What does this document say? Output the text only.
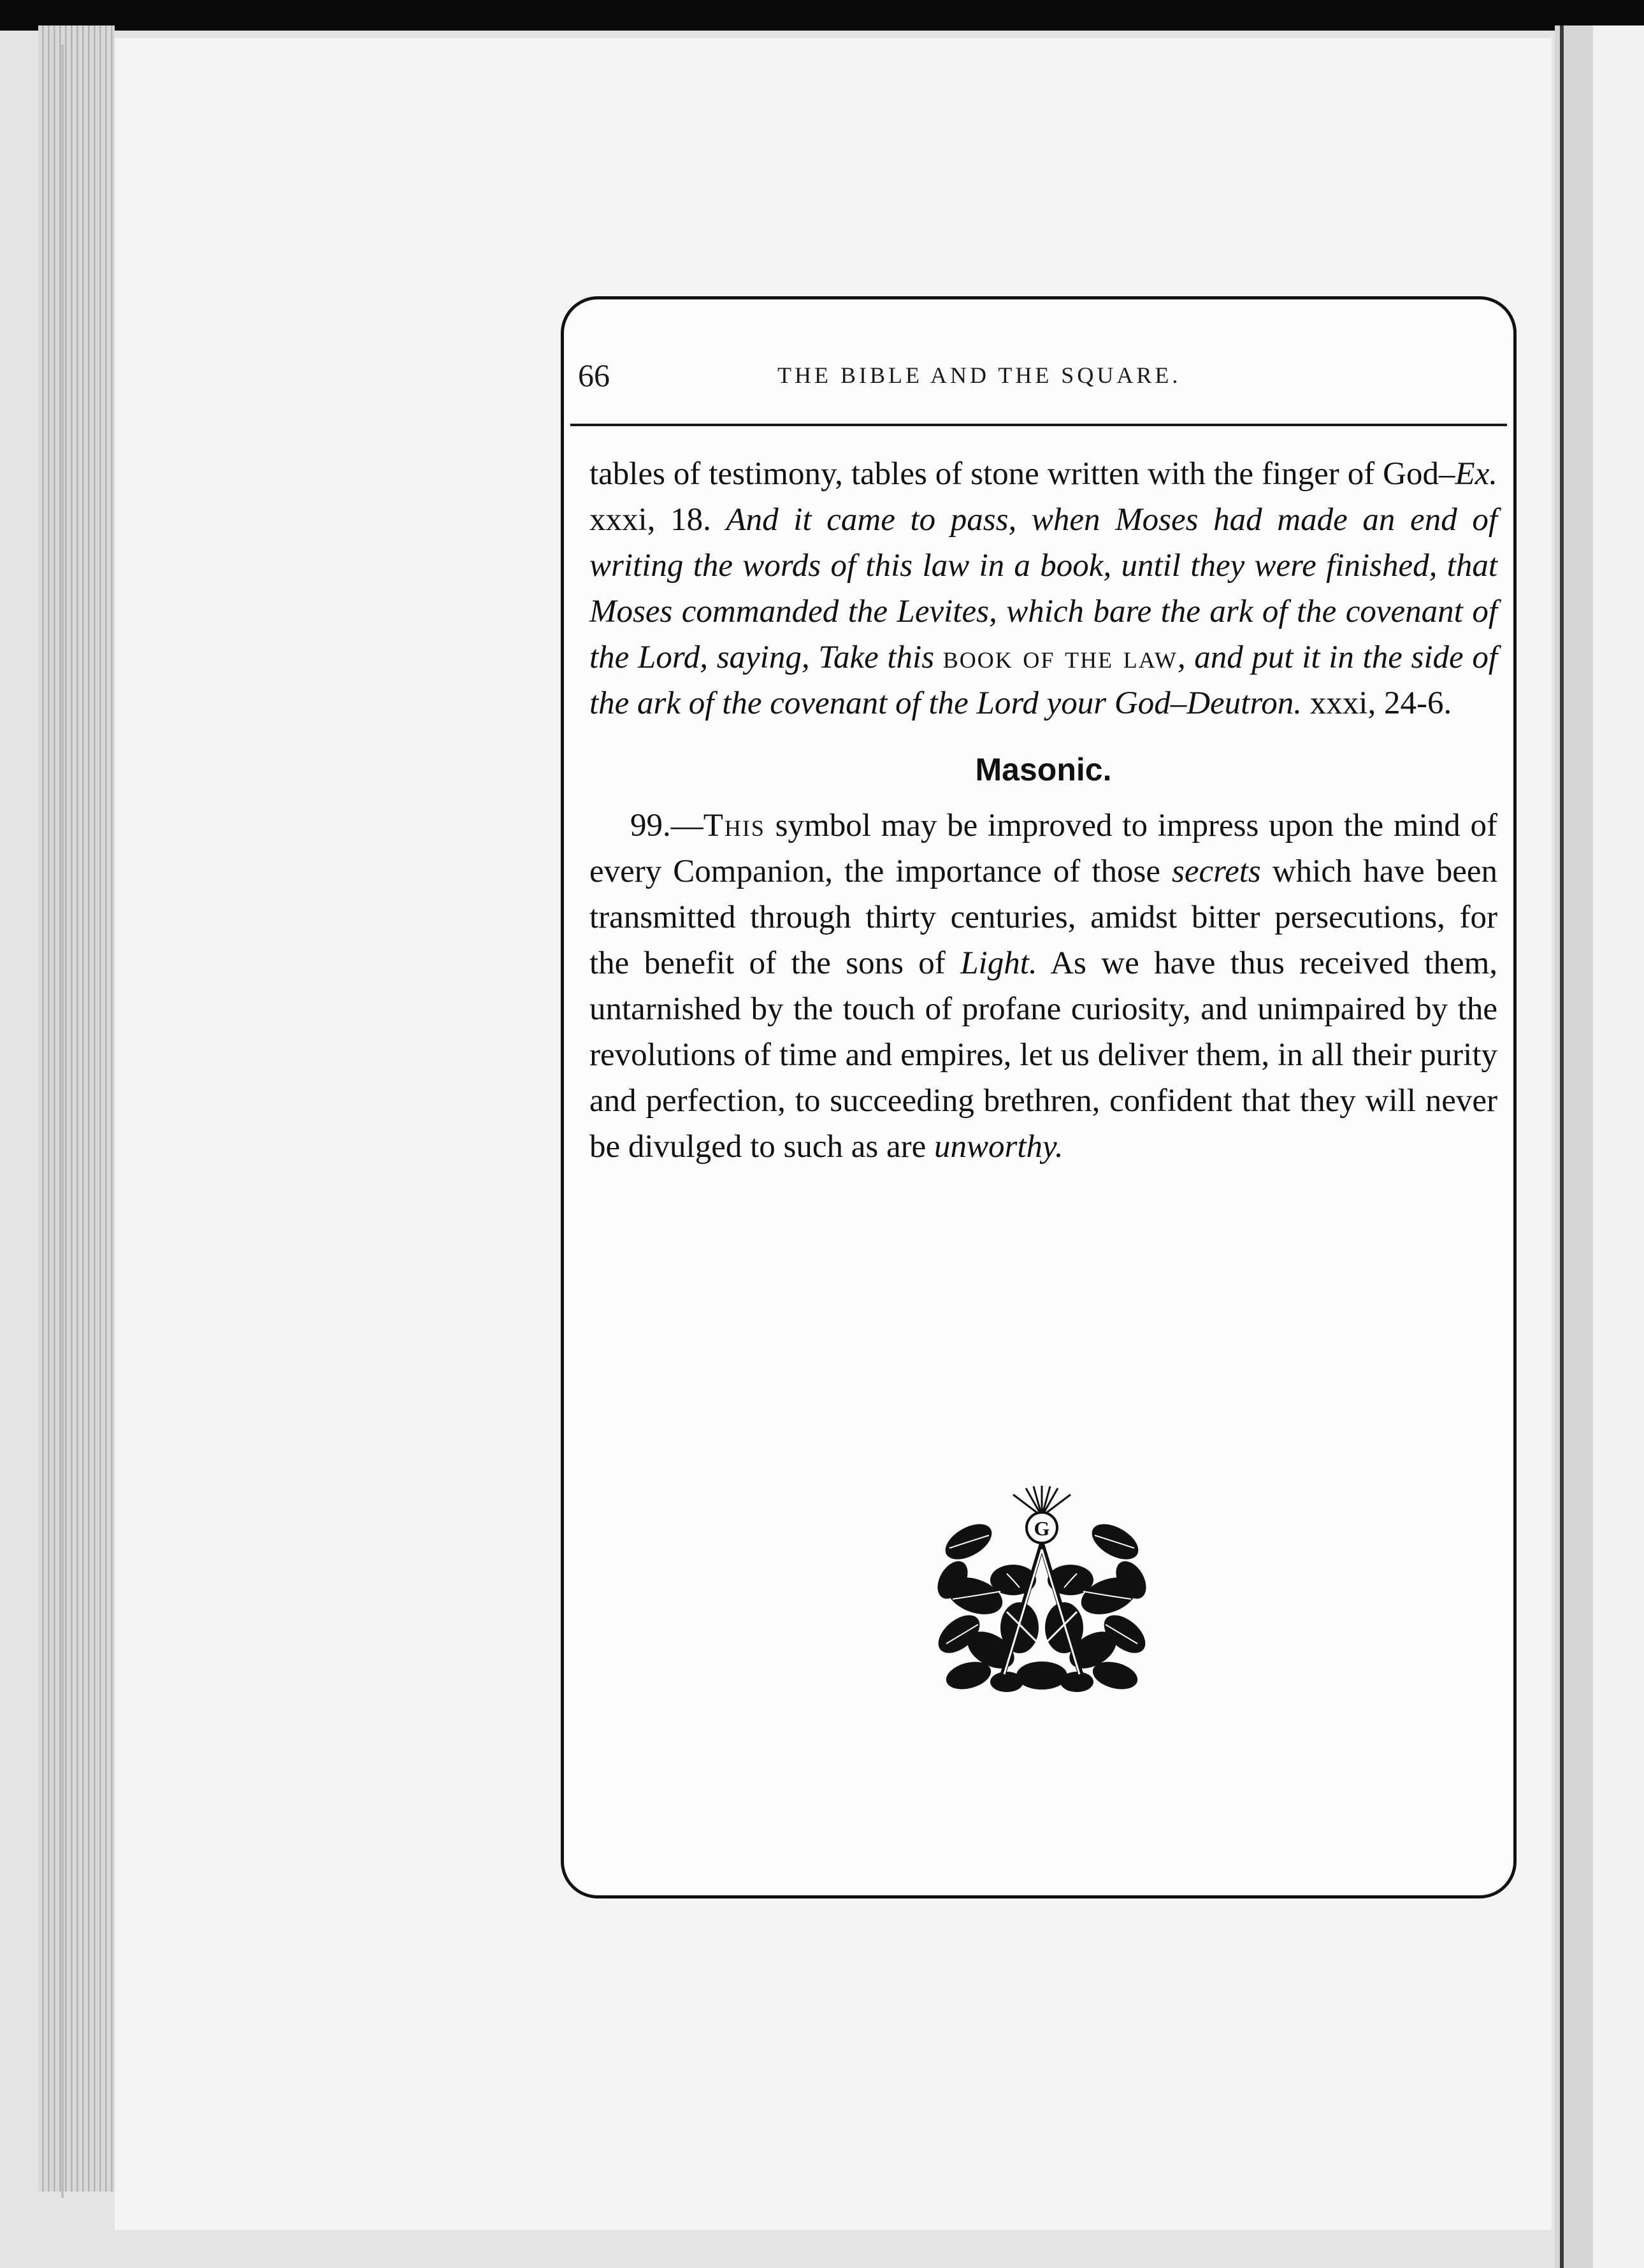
66	THE BIBLE AND THE SQUARE.

tables of testimony, tables of stone written with the finger of God–Ex. xxxi, 18. And it came to pass, when Moses had made an end of writing the words of this law in a book, until they were finished, that Moses commanded the Levites, which bare the ark of the covenant of the Lord, saying, Take this book of the law, and put it in the side of the ark of the covenant of the Lord your God–Deutron. xxxi, 24-6.

Masonic.

99.—This symbol may be improved to impress upon the mind of every Companion, the importance of those secrets which have been transmitted through thirty centuries, amidst bitter persecutions, for the benefit of the sons of Light. As we have thus received them, untarnished by the touch of profane curiosity, and unimpaired by the revolutions of time and empires, let us deliver them, in all their purity and perfection, to succeeding brethren, confident that they will never be divulged to such as are unworthy.

G
